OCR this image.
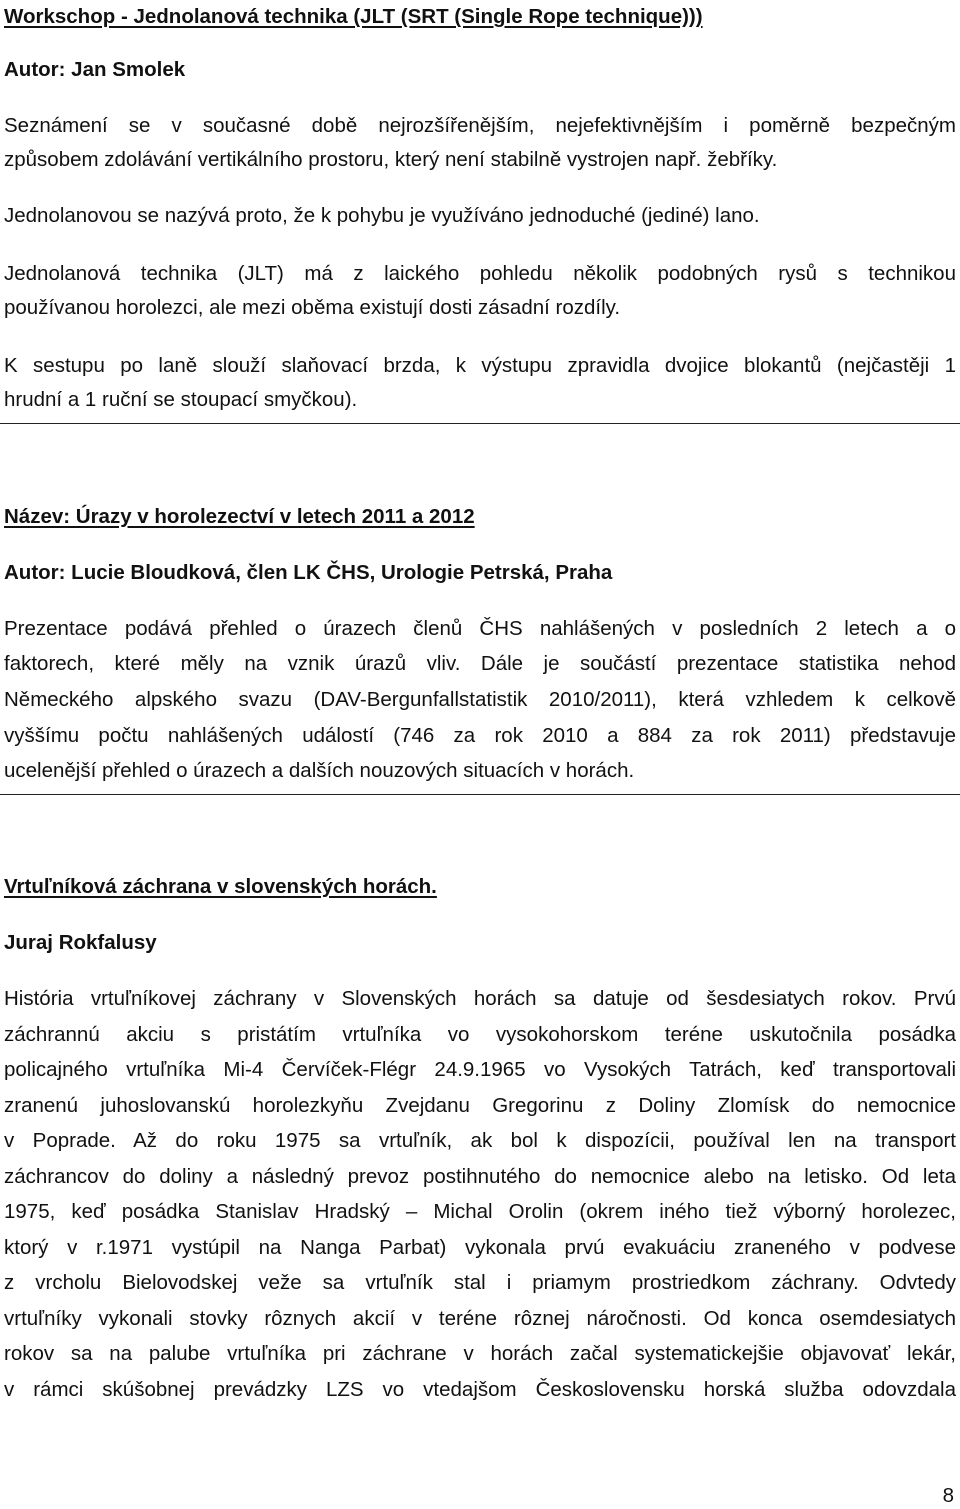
Workschop - Jednolanová technika (JLT (SRT (Single Rope technique)))
Autor: Jan Smolek
Seznámení se v současné době nejrozšířenějším, nejefektivnějším i poměrně bezpečným
způsobem zdolávání vertikálního prostoru, který není stabilně vystrojen např. žebříky.
Jednolanovou se nazývá proto, že k pohybu je využíváno jednoduché (jediné) lano.
Jednolanová technika (JLT) má z laického pohledu několik podobných rysů s technikou
používanou horolezci, ale mezi oběma existují dosti zásadní rozdíly.
K sestupu po laně slouží slaňovací brzda, k výstupu zpravidla dvojice blokantů (nejčastěji 1
hrudní a 1 ruční se stoupací smyčkou).
Název: Úrazy v horolezectví v letech 2011 a 2012
Autor: Lucie Bloudková, člen LK ČHS, Urologie Petrská, Praha
Prezentace podává přehled o úrazech členů ČHS nahlášených v posledních 2 letech a o
faktorech, které měly na vznik úrazů vliv. Dále je součástí prezentace statistika nehod
Německého alpského svazu (DAV-Bergunfallstatistik 2010/2011), která vzhledem k celkově
vyššímu počtu nahlášených událostí (746 za rok 2010 a 884 za rok 2011) představuje
ucelenější přehled o úrazech a dalších nouzových situacích v horách.
Vrtuľníková záchrana v slovenských horách.
Juraj Rokfalusy
História vrtuľníkovej záchrany v Slovenských horách sa datuje od šesdesiatych rokov. Prvú
záchrannú akciu s pristátím vrtuľníka vo vysokohorskom teréne uskutočnila posádka
policajného vrtuľníka Mi-4 Červíček-Flégr 24.9.1965 vo Vysokých Tatrách, keď transportovali
zranenú juhoslovanskú horolezkyňu Zvejdanu Gregorinu z Doliny Zlomísk do nemocnice
v Poprade. Až do roku 1975 sa vrtuľník, ak bol k dispozícii, používal len na transport
záchrancov do doliny a následný prevoz postihnutého do nemocnice alebo na letisko. Od leta
1975, keď posádka Stanislav Hradský – Michal Orolin (okrem iného tiež výborný horolezec,
ktorý v r.1971 vystúpil na Nanga Parbat) vykonala prvú evakuáciu zraneného v podvese
z vrcholu Bielovodskej veže sa vrtuľník stal i priamym prostriedkom záchrany. Odvtedy
vrtuľníky vykonali stovky rôznych akcií v teréne rôznej náročnosti. Od konca osemdesiatych
rokov sa na palube vrtuľníka pri záchrane v horách začal systematickejšie objavovať lekár,
v rámci skúšobnej prevádzky LZS vo vtedajšom Československu horská služba odovzdala
8
